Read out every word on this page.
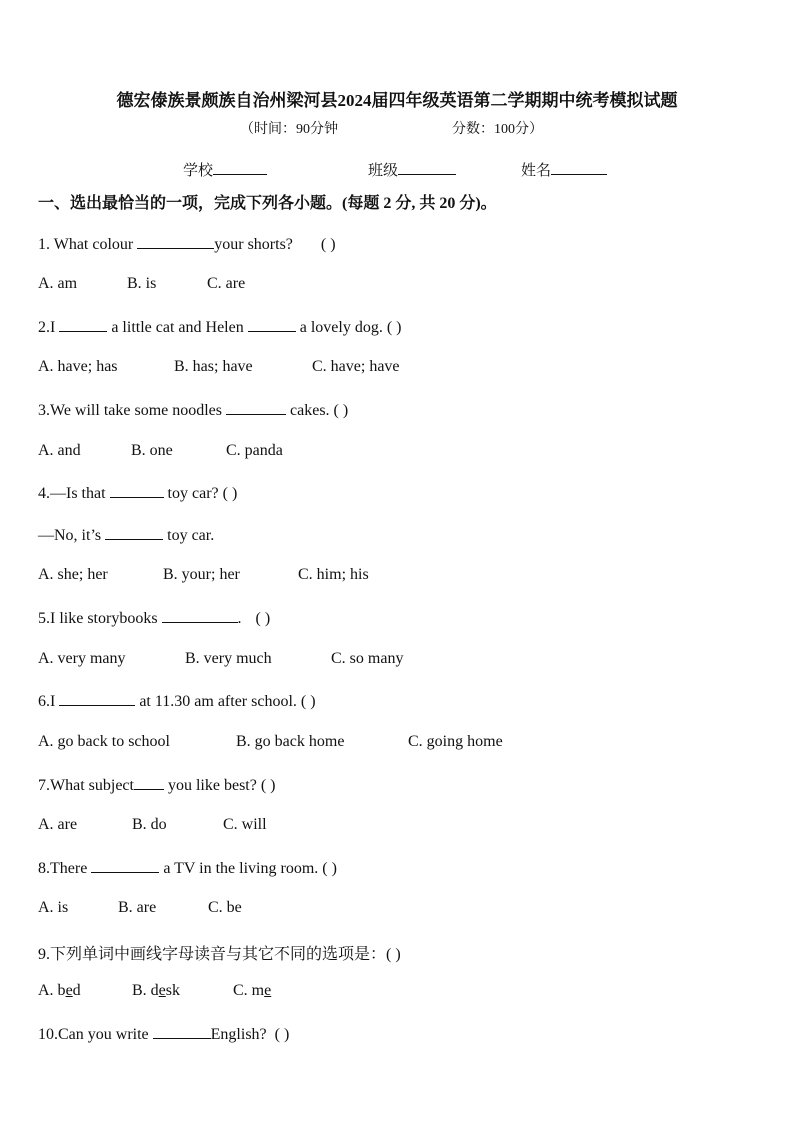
德宏傣族景颇族自治州梁河县2024届四年级英语第二学期期中统考模拟试题
（时间：90分钟	分数：100分）
学校	班级	姓名
一、选出最恰当的一项，完成下列各小题。(每题 2 分, 共 20 分)。
1. What colour	your shorts? ( )
A. am	B. is	C. are
2.I	a little cat and Helen	a lovely dog. ( )
A. have; has	B. has; have	C. have; have
3.We will take some noodles	cakes. ( )
A. and	B. one	C. panda
4.—Is that	toy car? ( )
—No, it’s	toy car.
A. she; her	B. your; her	C. him; his
5.I like storybooks	. ( )
A. very many	B. very much	C. so many
6.I	at 11.30 am after school. ( )
A. go back to school	B. go back home	C. going home
7.What subject you like best? ( )
A. are	B. do	C. will
8.There	a TV in the living room. ( )
A. is	B. are	C. be
9.下列单词中画线字母读音与其它不同的选项是：( )
A. bed	B. desk	C. me
10.Can you write	English? ( )
